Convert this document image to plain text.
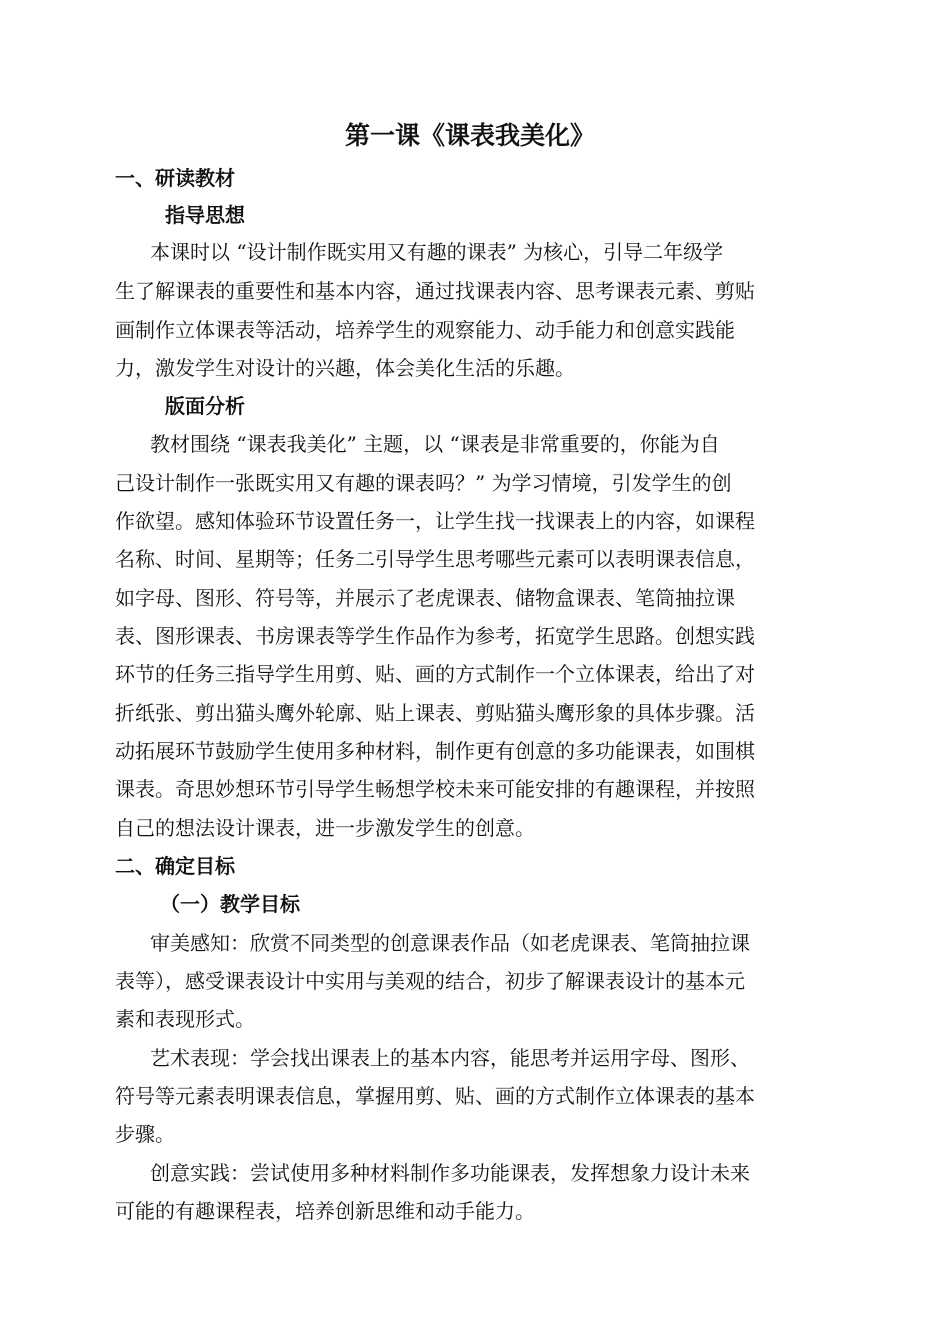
第一课《课表我美化》
一、研读教材
指导思想

本课时以 “设计制作既实用又有趣的课表” 为核心，引导二年级学

生了解课表的重要性和基本内容，通过找课表内容、思考课表元素、剪贴

画制作立体课表等活动，培养学生的观察能力、动手能力和创意实践能

力，激发学生对设计的兴趣，体会美化生活的乐趣。

版面分析

教材围绕 “课表我美化” 主题，以 “课表是非常重要的，你能为自

己设计制作一张既实用又有趣的课表吗？” 为学习情境，引发学生的创

作欲望。感知体验环节设置任务一，让学生找一找课表上的内容，如课程

名称、时间、星期等；任务二引导学生思考哪些元素可以表明课表信息，

如字母、图形、符号等，并展示了老虎课表、储物盒课表、笔筒抽拉课

表、图形课表、书房课表等学生作品作为参考，拓宽学生思路。创想实践

环节的任务三指导学生用剪、贴、画的方式制作一个立体课表，给出了对

折纸张、剪出猫头鹰外轮廓、贴上课表、剪贴猫头鹰形象的具体步骤。活

动拓展环节鼓励学生使用多种材料，制作更有创意的多功能课表，如围棋

课表。奇思妙想环节引导学生畅想学校未来可能安排的有趣课程，并按照

自己的想法设计课表，进一步激发学生的创意。

二、确定目标
（一）教学目标

审美感知：欣赏不同类型的创意课表作品（如老虎课表、笔筒抽拉课

表等），感受课表设计中实用与美观的结合，初步了解课表设计的基本元

素和表现形式。

艺术表现：学会找出课表上的基本内容，能思考并运用字母、图形、

符号等元素表明课表信息，掌握用剪、贴、画的方式制作立体课表的基本

步骤。

创意实践：尝试使用多种材料制作多功能课表，发挥想象力设计未来

可能的有趣课程表，培养创新思维和动手能力。
